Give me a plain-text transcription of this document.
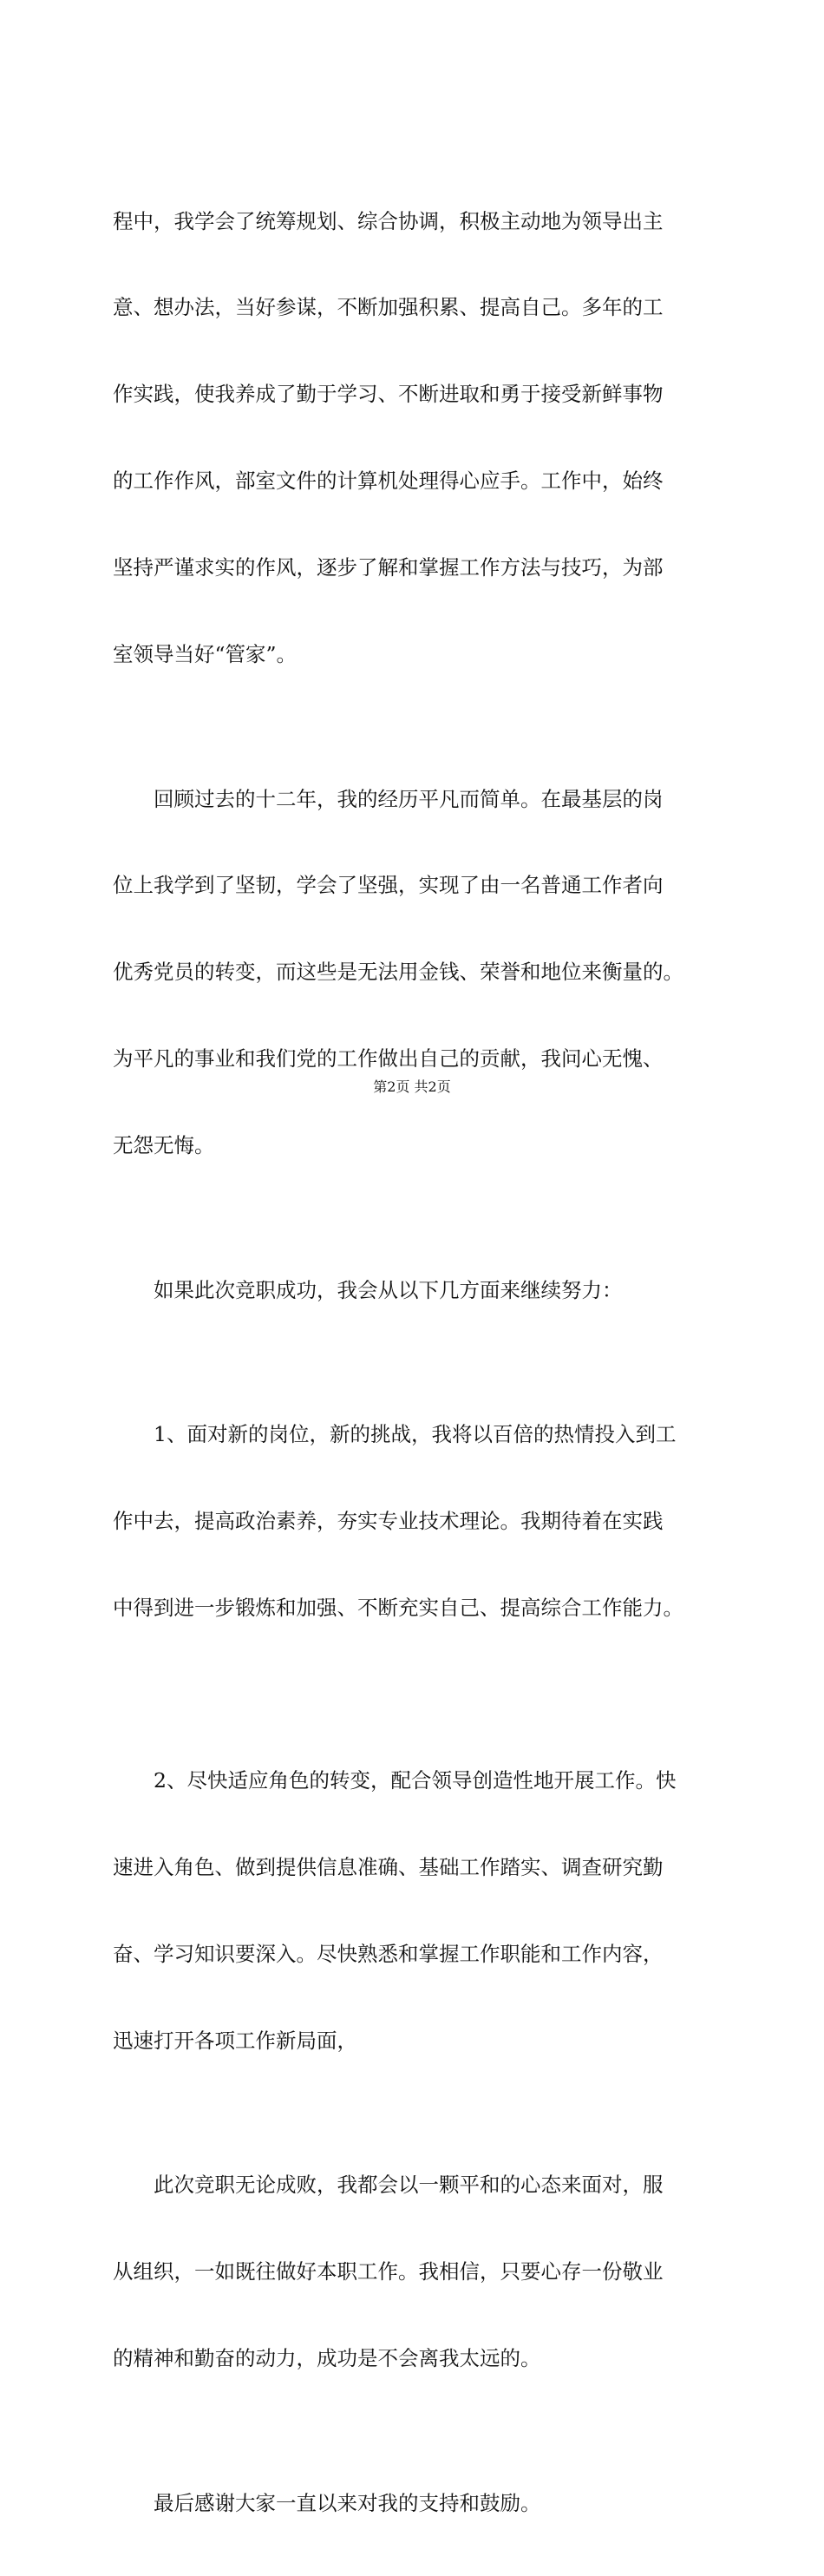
程中，我学会了统筹规划、综合协调，积极主动地为领导出主

意、想办法，当好参谋，不断加强积累、提高自己。多年的工

作实践，使我养成了勤于学习、不断进取和勇于接受新鲜事物

的工作作风，部室文件的计算机处理得心应手。工作中，始终

坚持严谨求实的作风，逐步了解和掌握工作方法与技巧，为部

室领导当好“管家”。

　　回顾过去的十二年，我的经历平凡而简单。在最基层的岗

位上我学到了坚韧，学会了坚强，实现了由一名普通工作者向

优秀党员的转变，而这些是无法用金钱、荣誉和地位来衡量的。

为平凡的事业和我们党的工作做出自己的贡献，我问心无愧、

无怨无悔。

　　如果此次竞职成功，我会从以下几方面来继续努力：

　　1、面对新的岗位，新的挑战，我将以百倍的热情投入到工

作中去，提高政治素养，夯实专业技术理论。我期待着在实践

中得到进一步锻炼和加强、不断充实自己、提高综合工作能力。

　　2、尽快适应角色的转变，配合领导创造性地开展工作。快

速进入角色、做到提供信息准确、基础工作踏实、调查研究勤

奋、学习知识要深入。尽快熟悉和掌握工作职能和工作内容，

迅速打开各项工作新局面，

　　此次竞职无论成败，我都会以一颗平和的心态来面对，服

从组织，一如既往做好本职工作。我相信，只要心存一份敬业

的精神和勤奋的动力，成功是不会离我太远的。

　　最后感谢大家一直以来对我的支持和鼓励。

第2页 共2页
